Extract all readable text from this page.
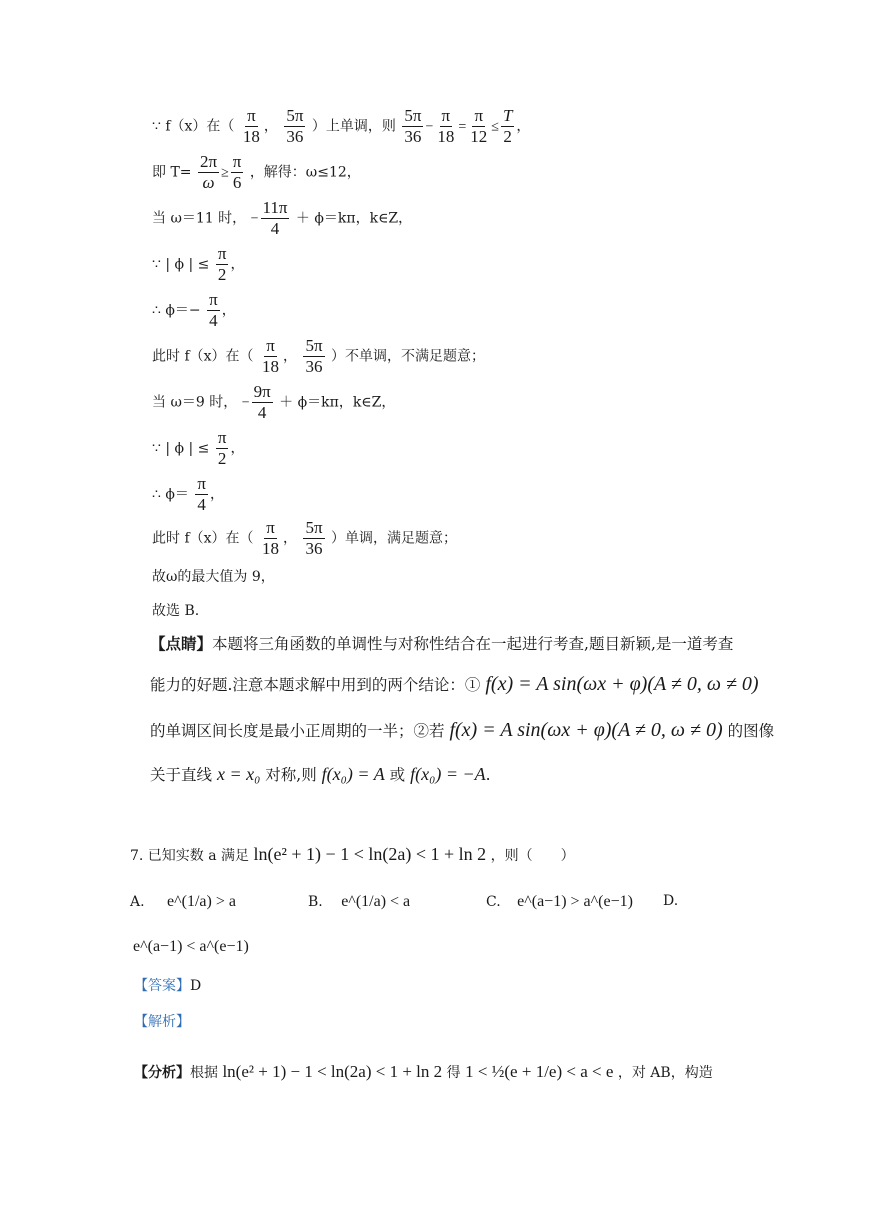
∵ f（x）在（ $\frac{\pi}{18}$ ， $\frac{5\pi}{36}$ ）上单调，则 $\frac{5\pi}{36} - \frac{\pi}{18} = \frac{\pi}{12} \le \frac{T}{2}$ ，
即 $T= \frac{2\pi}{\omega} \ge \frac{\pi}{6}$ ，解得：ω≤12，
当 ω＝11 时， − $\frac{11\pi}{4} + \phi=k\pi$，k∈Z，
∵ | ϕ | ≤ $\frac{\pi}{2}$ ，
∴ $\phi=- \frac{\pi}{4}$ ，
此时 f（x）在（ $\frac{\pi}{18}$ ， $\frac{5\pi}{36}$ ）不单调，不满足题意；
当 ω＝9 时， − $\frac{9\pi}{4} + \phi=k\pi$，k∈Z，
∵ | ϕ | ≤ $\frac{\pi}{2}$ ，
∴ $\phi= \frac{\pi}{4}$ ，
此时 f（x）在（ $\frac{\pi}{18}$ ， $\frac{5\pi}{36}$ ）单调，满足题意；
故ω的最大值为 9，
故选 B.
【点睛】本题将三角函数的单调性与对称性结合在一起进行考查,题目新颖,是一道考查
能力的好题.注意本题求解中用到的两个结论：① f(x) = A sin(ωx + φ)(A ≠ 0, ω ≠ 0)
的单调区间长度是最小正周期的一半；②若 f(x) = A sin(ωx + φ)(A ≠ 0, ω ≠ 0) 的图像
关于直线 x = x₀ 对称,则 f(x₀) = A 或 f(x₀) = −A.
7. 已知实数 a 满足 ln(e² + 1) − 1 < ln(2a) < 1 + ln 2 ，则（　　）
A. e^(1/a) > a	B. e^(1/a) < a	C. e^(a−1) > a^(e−1) D.
e^(a−1) < a^(e−1)
【答案】D
【解析】
【分析】根据 ln(e² + 1) − 1 < ln(2a) < 1 + ln 2 得 1 < ½(e + 1/e) < a < e ，对 AB，构造
